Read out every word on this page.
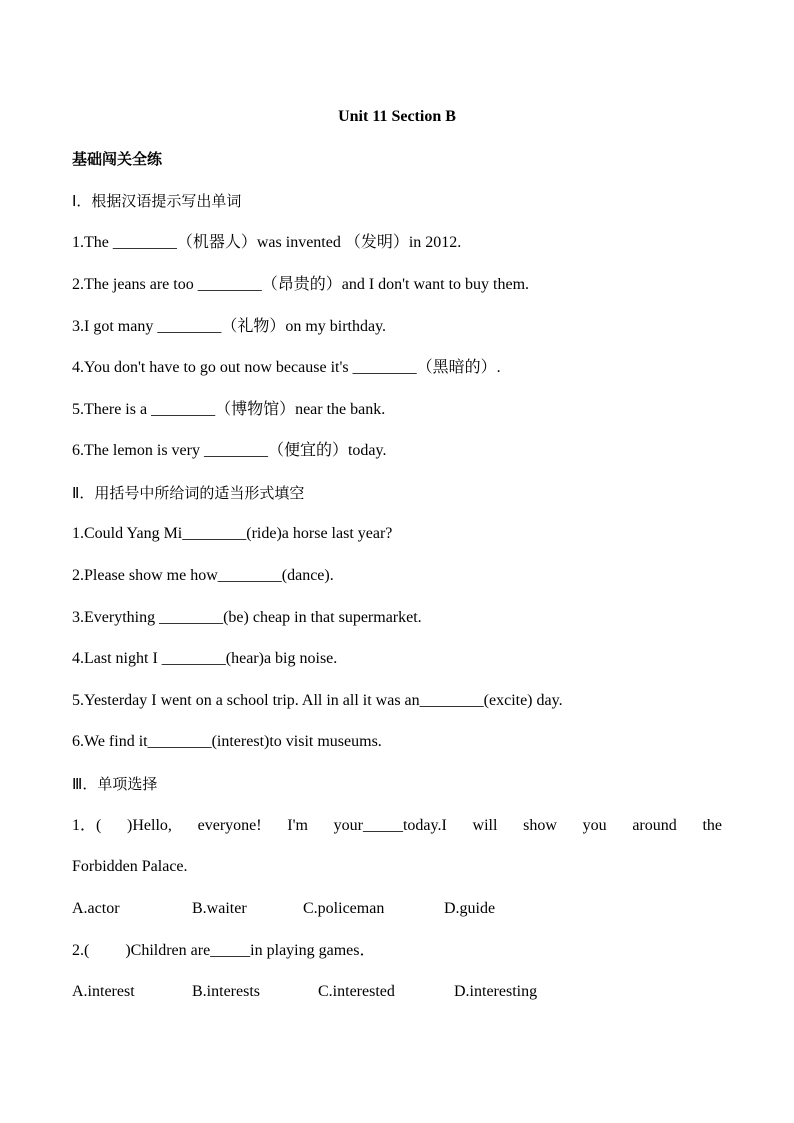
Unit 11 Section B
基础闯关全练
I．根据汉语提示写出单词
1.The ________（机器人）was invented （发明）in 2012.
2.The jeans are too ________（昂贵的）and I don't want to buy them.
3.I got many ________（礼物）on my birthday.
4.You don't have to go out now because it's ________（黑暗的）.
5.There is a ________（博物馆）near the bank.
6.The lemon is very ________（便宜的）today.
Ⅱ．用括号中所给词的适当形式填空
1.Could Yang Mi________(ride)a horse last year?
2.Please show me how________(dance).
3.Everything ________(be) cheap in that supermarket.
4.Last night I ________(hear)a big noise.
5.Yesterday I went on a school trip. All in all it was an________(excite) day.
6.We find it________(interest)to visit museums.
Ⅲ．单项选择
1．( )Hello, everyone! I'm your_____today.I will show you around the
Forbidden Palace.
A.actor	B.waiter	C.policeman	D.guide
2.(　　 )Children are_____in playing games．
A.interest	B.interests	C.interested	D.interesting
